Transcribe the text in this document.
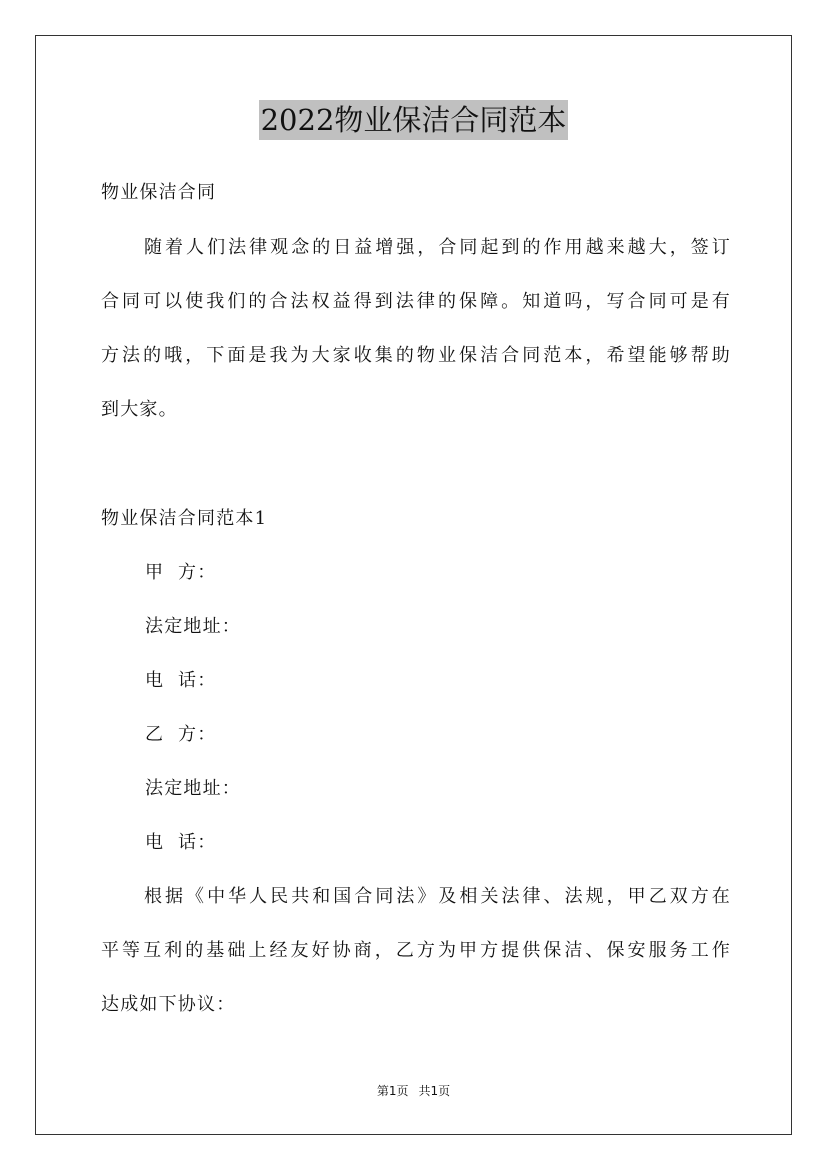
2022物业保洁合同范本
物业保洁合同
随着人们法律观念的日益增强，合同起到的作用越来越大，签订
合同可以使我们的合法权益得到法律的保障。知道吗，写合同可是有
方法的哦，下面是我为大家收集的物业保洁合同范本，希望能够帮助
到大家。
物业保洁合同范本1
甲  方：
法定地址：
电  话：
乙  方：
法定地址：
电  话：
根据《中华人民共和国合同法》及相关法律、法规，甲乙双方在
平等互利的基础上经友好协商，乙方为甲方提供保洁、保安服务工作
达成如下协议：
第1页 共1页
